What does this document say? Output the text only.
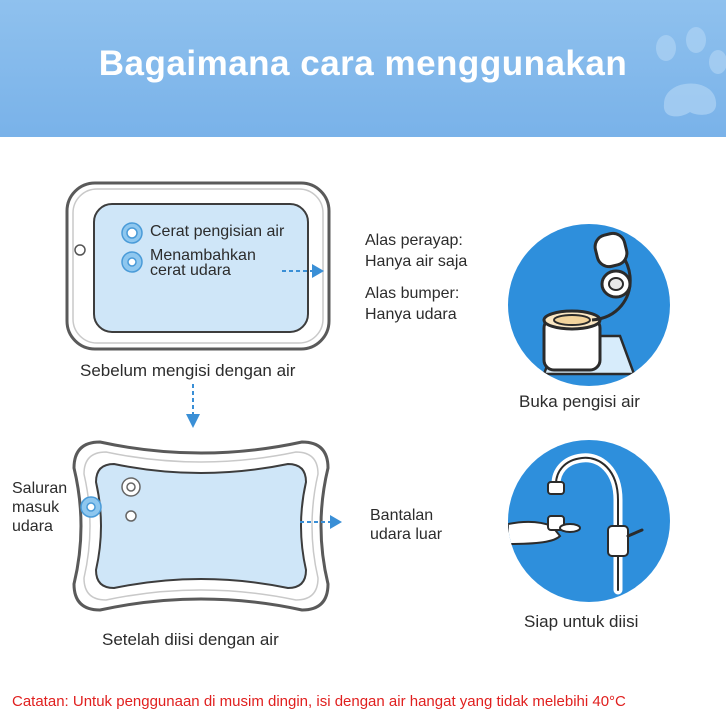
Bagaimana cara menggunakan
Cerat pengisian air
Menambahkan
cerat udara
Alas perayap:
Hanya air saja
Alas bumper:
Hanya udara
Sebelum mengisi dengan air
Saluran
masuk
udara
Bantalan
udara luar
Setelah diisi dengan air
Buka pengisi air
Siap untuk diisi
Catatan: Untuk penggunaan di musim dingin, isi dengan air hangat yang tidak melebihi 40°C
